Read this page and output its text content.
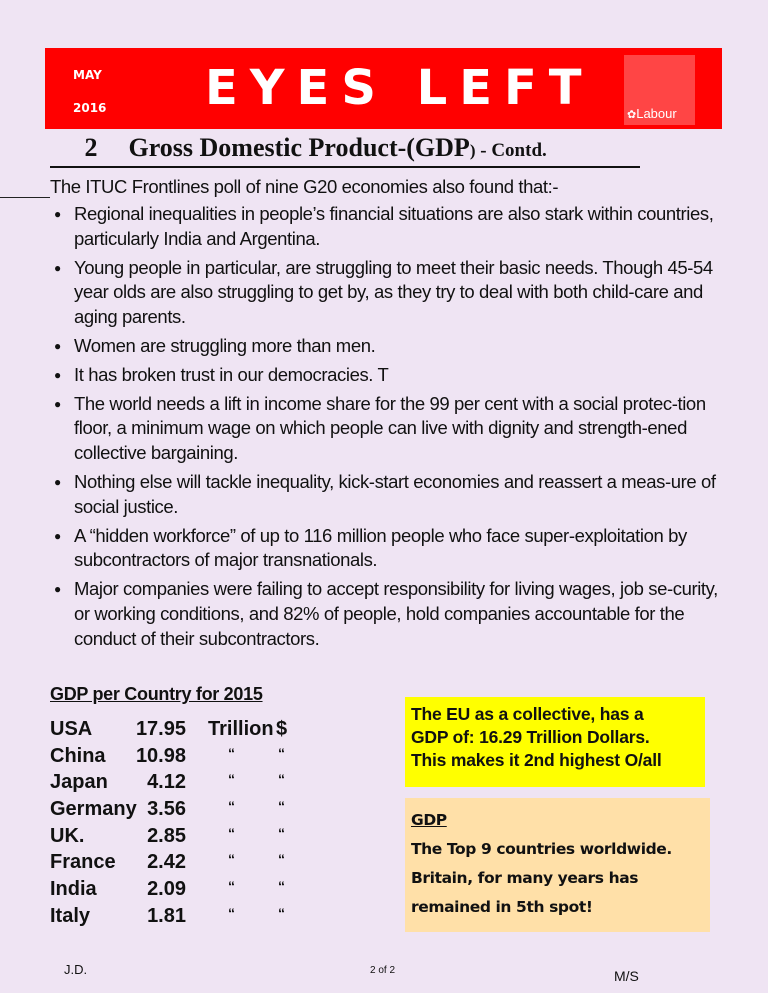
MAY
2016 EYES LEFT	✿Labour
2 Gross Domestic Product-(GDP) - Contd.
The ITUC Frontlines poll of nine G20 economies also found that:-
● Regional inequalities in people’s financial situations are also stark within countries, particularly India and Argentina.
● Young people in particular, are struggling to meet their basic needs. Though 45-54 year olds are also struggling to get by, as they try to deal with both child-care and aging parents.
● Women are struggling more than men.
● It has broken trust in our democracies. T
● The world needs a lift in income share for the 99 per cent with a social protec-tion floor, a minimum wage on which people can live with dignity and strength-ened collective bargaining.
● Nothing else will tackle inequality, kick-start economies and reassert a meas-ure of social justice.
● A “hidden workforce” of up to 116 million people who face super-exploitation by subcontractors of major transnationals.
● Major companies were failing to accept responsibility for living wages, job se-curity, or working conditions, and 82% of people, hold companies accountable for the conduct of their subcontractors.
GDP per Country for 2015
USA 17.95 Trillion $
China 10.98	“	“
Japan	4.12	“	“
Germany 3.56	“	“
UK.	2.85	“	“
France	2.42	“	“
India	2.09	“	“
Italy	1.81	“	“
The EU as a collective, has a
GDP of: 16.29 Trillion Dollars.
This makes it 2nd highest O/all
GDP
The Top 9 countries worldwide.
Britain, for many years has
remained in 5th spot!
J.D.	2 of 2	M/S
